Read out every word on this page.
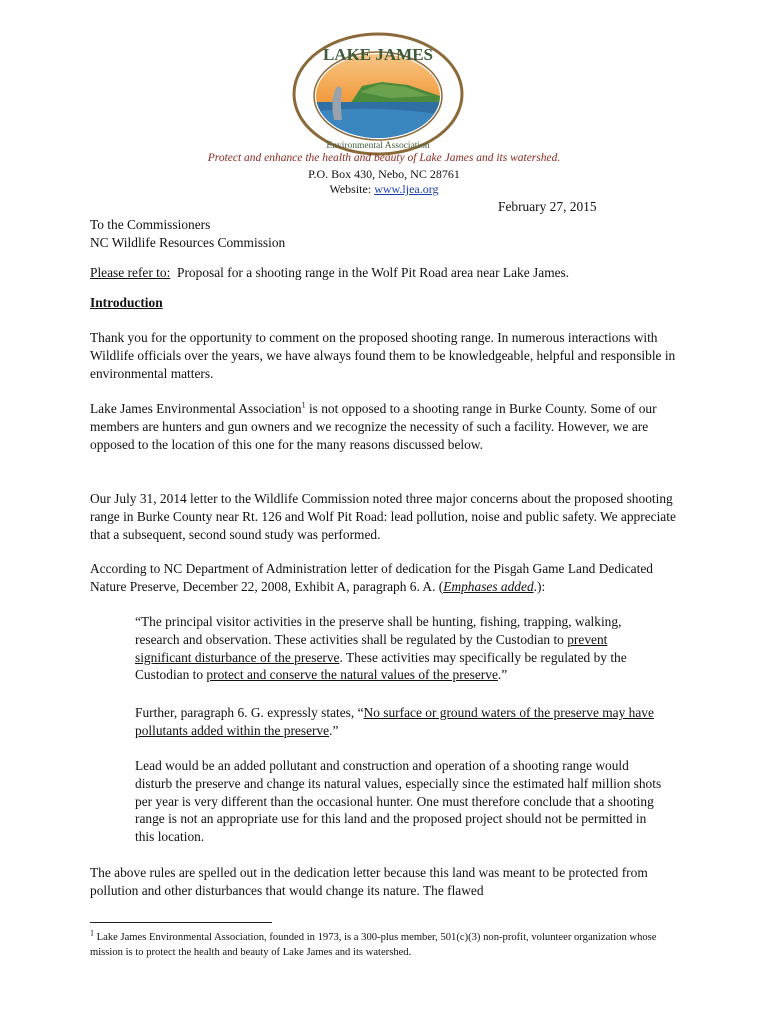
LAKE JAMES
Environmental Association
Protect and enhance the health and beauty of Lake James and its watershed.
P.O. Box 430, Nebo, NC 28761
Website: www.ljea.org
February 27, 2015
To the Commissioners
NC Wildlife Resources Commission
Please refer to: Proposal for a shooting range in the Wolf Pit Road area near Lake James.
Introduction
Thank you for the opportunity to comment on the proposed shooting range. In numerous interactions with Wildlife officials over the years, we have always found them to be knowledgeable, helpful and responsible in environmental matters.
Lake James Environmental Association$^1$ is not opposed to a shooting range in Burke County. Some of our members are hunters and gun owners and we recognize the necessity of such a facility. However, we are opposed to the location of this one for the many reasons discussed below.
Our July 31, 2014 letter to the Wildlife Commission noted three major concerns about the proposed shooting range in Burke County near Rt. 126 and Wolf Pit Road: lead pollution, noise and public safety. We appreciate that a subsequent, second sound study was performed.
According to NC Department of Administration letter of dedication for the Pisgah Game Land Dedicated Nature Preserve, December 22, 2008, Exhibit A, paragraph 6. A. (Emphases added.):
“The principal visitor activities in the preserve shall be hunting, fishing, trapping, walking, research and observation. These activities shall be regulated by the Custodian to prevent significant disturbance of the preserve. These activities may specifically be regulated by the Custodian to protect and conserve the natural values of the preserve.”
Further, paragraph 6. G. expressly states, “No surface or ground waters of the preserve may have pollutants added within the preserve.”
Lead would be an added pollutant and construction and operation of a shooting range would disturb the preserve and change its natural values, especially since the estimated half million shots per year is very different than the occasional hunter. One must therefore conclude that a shooting range is not an appropriate use for this land and the proposed project should not be permitted in this location.
The above rules are spelled out in the dedication letter because this land was meant to be protected from pollution and other disturbances that would change its nature. The flawed
$^1$ Lake James Environmental Association, founded in 1973, is a 300-plus member, 501(c)(3) non-profit, volunteer organization whose mission is to protect the health and beauty of Lake James and its watershed.
